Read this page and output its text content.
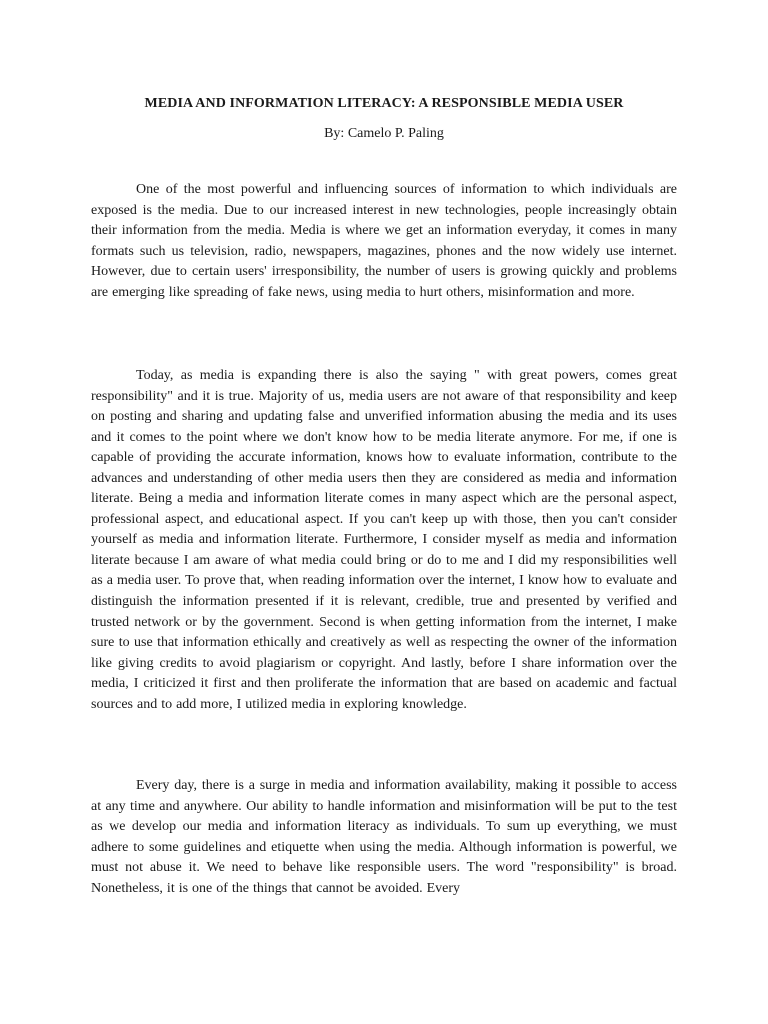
MEDIA AND INFORMATION LITERACY: A RESPONSIBLE MEDIA USER

By: Camelo P. Paling

One of the most powerful and influencing sources of information to which individuals are exposed is the media. Due to our increased interest in new technologies, people increasingly obtain their information from the media. Media is where we get an information everyday, it comes in many formats such us television, radio, newspapers, magazines, phones and the now widely use internet. However, due to certain users' irresponsibility, the number of users is growing quickly and problems are emerging like spreading of fake news, using media to hurt others, misinformation and more.

Today, as media is expanding there is also the saying " with great powers, comes great responsibility" and it is true. Majority of us, media users are not aware of that responsibility and keep on posting and sharing and updating false and unverified information abusing the media and its uses and it comes to the point where we don't know how to be media literate anymore. For me, if one is capable of providing the accurate information, knows how to evaluate information, contribute to the advances and understanding of other media users then they are considered as media and information literate. Being a media and information literate comes in many aspect which are the personal aspect, professional aspect, and educational aspect. If you can't keep up with those, then you can't consider yourself as media and information literate. Furthermore, I consider myself as media and information literate because I am aware of what media could bring or do to me and I did my responsibilities well as a media user. To prove that, when reading information over the internet, I know how to evaluate and distinguish the information presented if it is relevant, credible, true and presented by verified and trusted network or by the government. Second is when getting information from the internet, I make sure to use that information ethically and creatively as well as respecting the owner of the information like giving credits to avoid plagiarism or copyright. And lastly, before I share information over the media, I criticized it first and then proliferate the information that are based on academic and factual sources and to add more, I utilized media in exploring knowledge.

Every day, there is a surge in media and information availability, making it possible to access at any time and anywhere. Our ability to handle information and misinformation will be put to the test as we develop our media and information literacy as individuals. To sum up everything, we must adhere to some guidelines and etiquette when using the media. Although information is powerful, we must not abuse it. We need to behave like responsible users. The word "responsibility" is broad. Nonetheless, it is one of the things that cannot be avoided. Every
